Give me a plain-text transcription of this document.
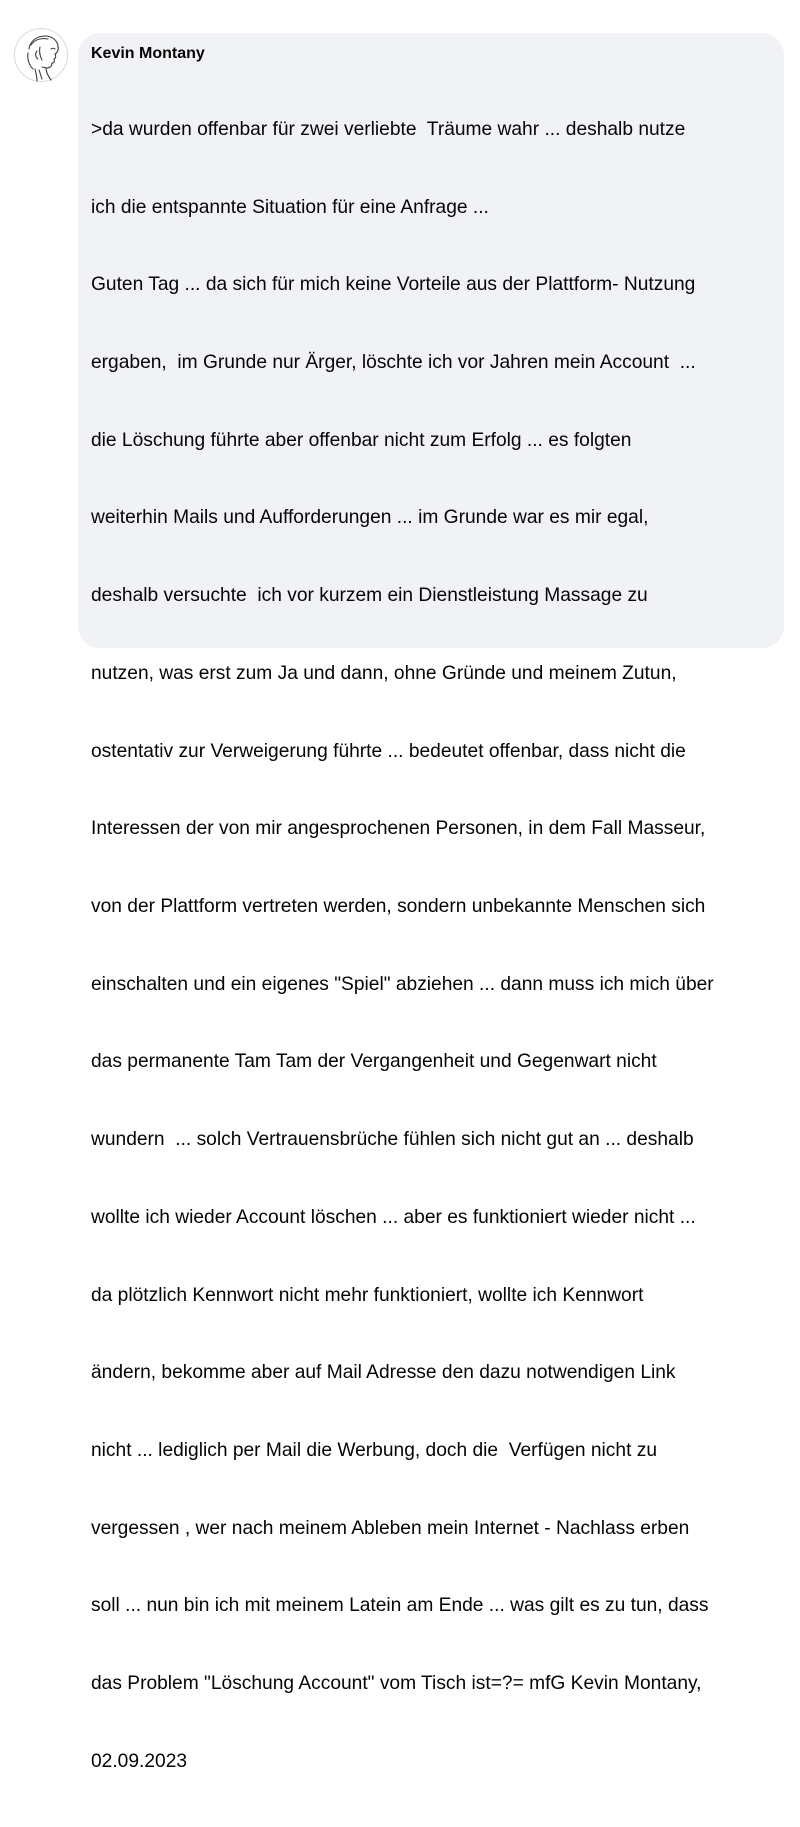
Kevin Montany

>da wurden offenbar für zwei verliebte  Träume wahr ... deshalb nutze

ich die entspannte Situation für eine Anfrage ...

Guten Tag ... da sich für mich keine Vorteile aus der Plattform- Nutzung

ergaben,  im Grunde nur Ärger, löschte ich vor Jahren mein Account  ...

die Löschung führte aber offenbar nicht zum Erfolg ... es folgten

weiterhin Mails und Aufforderungen ... im Grunde war es mir egal,

deshalb versuchte  ich vor kurzem ein Dienstleistung Massage zu

nutzen, was erst zum Ja und dann, ohne Gründe und meinem Zutun,

ostentativ zur Verweigerung führte ... bedeutet offenbar, dass nicht die

Interessen der von mir angesprochenen Personen, in dem Fall Masseur,

von der Plattform vertreten werden, sondern unbekannte Menschen sich

einschalten und ein eigenes "Spiel" abziehen ... dann muss ich mich über

das permanente Tam Tam der Vergangenheit und Gegenwart nicht

wundern  ... solch Vertrauensbrüche fühlen sich nicht gut an ... deshalb

wollte ich wieder Account löschen ... aber es funktioniert wieder nicht ...

da plötzlich Kennwort nicht mehr funktioniert, wollte ich Kennwort

ändern, bekomme aber auf Mail Adresse den dazu notwendigen Link

nicht ... lediglich per Mail die Werbung, doch die  Verfügen nicht zu

vergessen , wer nach meinem Ableben mein Internet - Nachlass erben

soll ... nun bin ich mit meinem Latein am Ende ... was gilt es zu tun, dass

das Problem "Löschung Account" vom Tisch ist=?= mfG Kevin Montany,

02.09.2023
